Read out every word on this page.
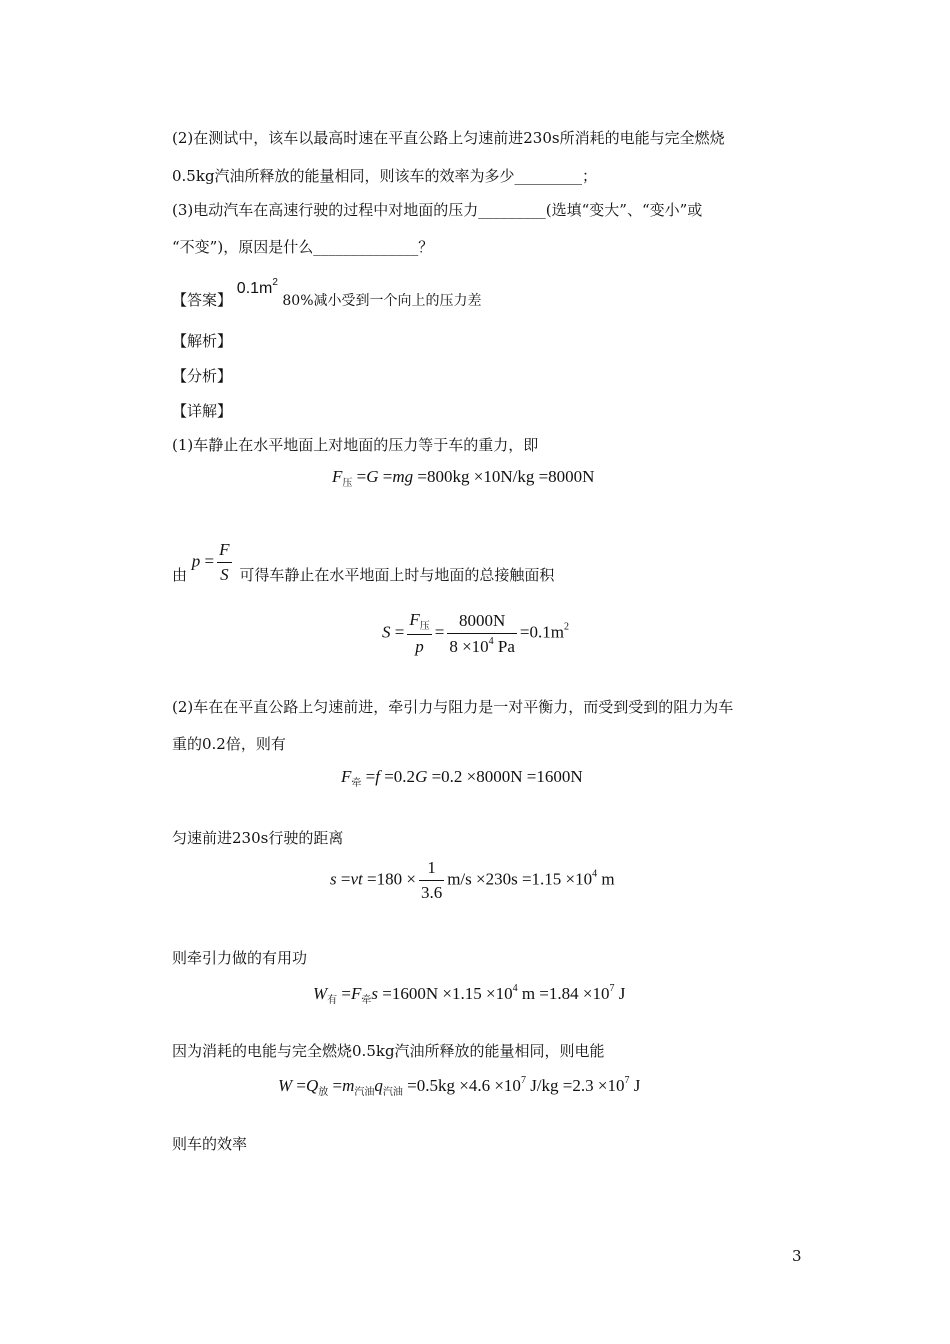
(2)在测试中，该车以最高时速在平直公路上匀速前进230s所消耗的电能与完全燃烧
0.5kg汽油所释放的能量相同，则该车的效率为多少_________；
(3)电动汽车在高速行驶的过程中对地面的压力_________(选填“变大”、“变小”或
“不变”)，原因是什么______________？
【答案】 $0.1m^2$ 80%减小受到一个向上的压力差
【解析】
【分析】
【详解】
(1)车静止在水平地面上对地面的压力等于车的重力，即
$F_压 =G =mg =800kg \times 10N/kg =8000N$
由 $p = \frac{F}{S}$ 可得车静止在水平地面上时与地面的总接触面积
$S = \frac{F_压}{p} = \frac{8000N}{8 \times 10^4 Pa} =0.1m^2$
(2)车在在平直公路上匀速前进，牵引力与阻力是一对平衡力，而受到受到的阻力为车
重的0.2倍，则有
$F_牵 =f =0.2G =0.2 \times 8000N =1600N$
匀速前进230s行驶的距离
$s =vt =180 \times \frac{1}{3.6} m/s \times 230s =1.15 \times 10^4$ m
则牵引力做的有用功
$W_有 =F_牵s =1600N \times 1.15 \times 10^4$ $m =1.84 \times 10^7$ J
因为消耗的电能与完全燃烧0.5kg汽油所释放的能量相同，则电能
$W =Q_放 =m_{汽油}q_{汽油} =0.5kg \times 4.6 \times 10^7$ $J/kg =2.3 \times 10^7$ J
则车的效率
3
